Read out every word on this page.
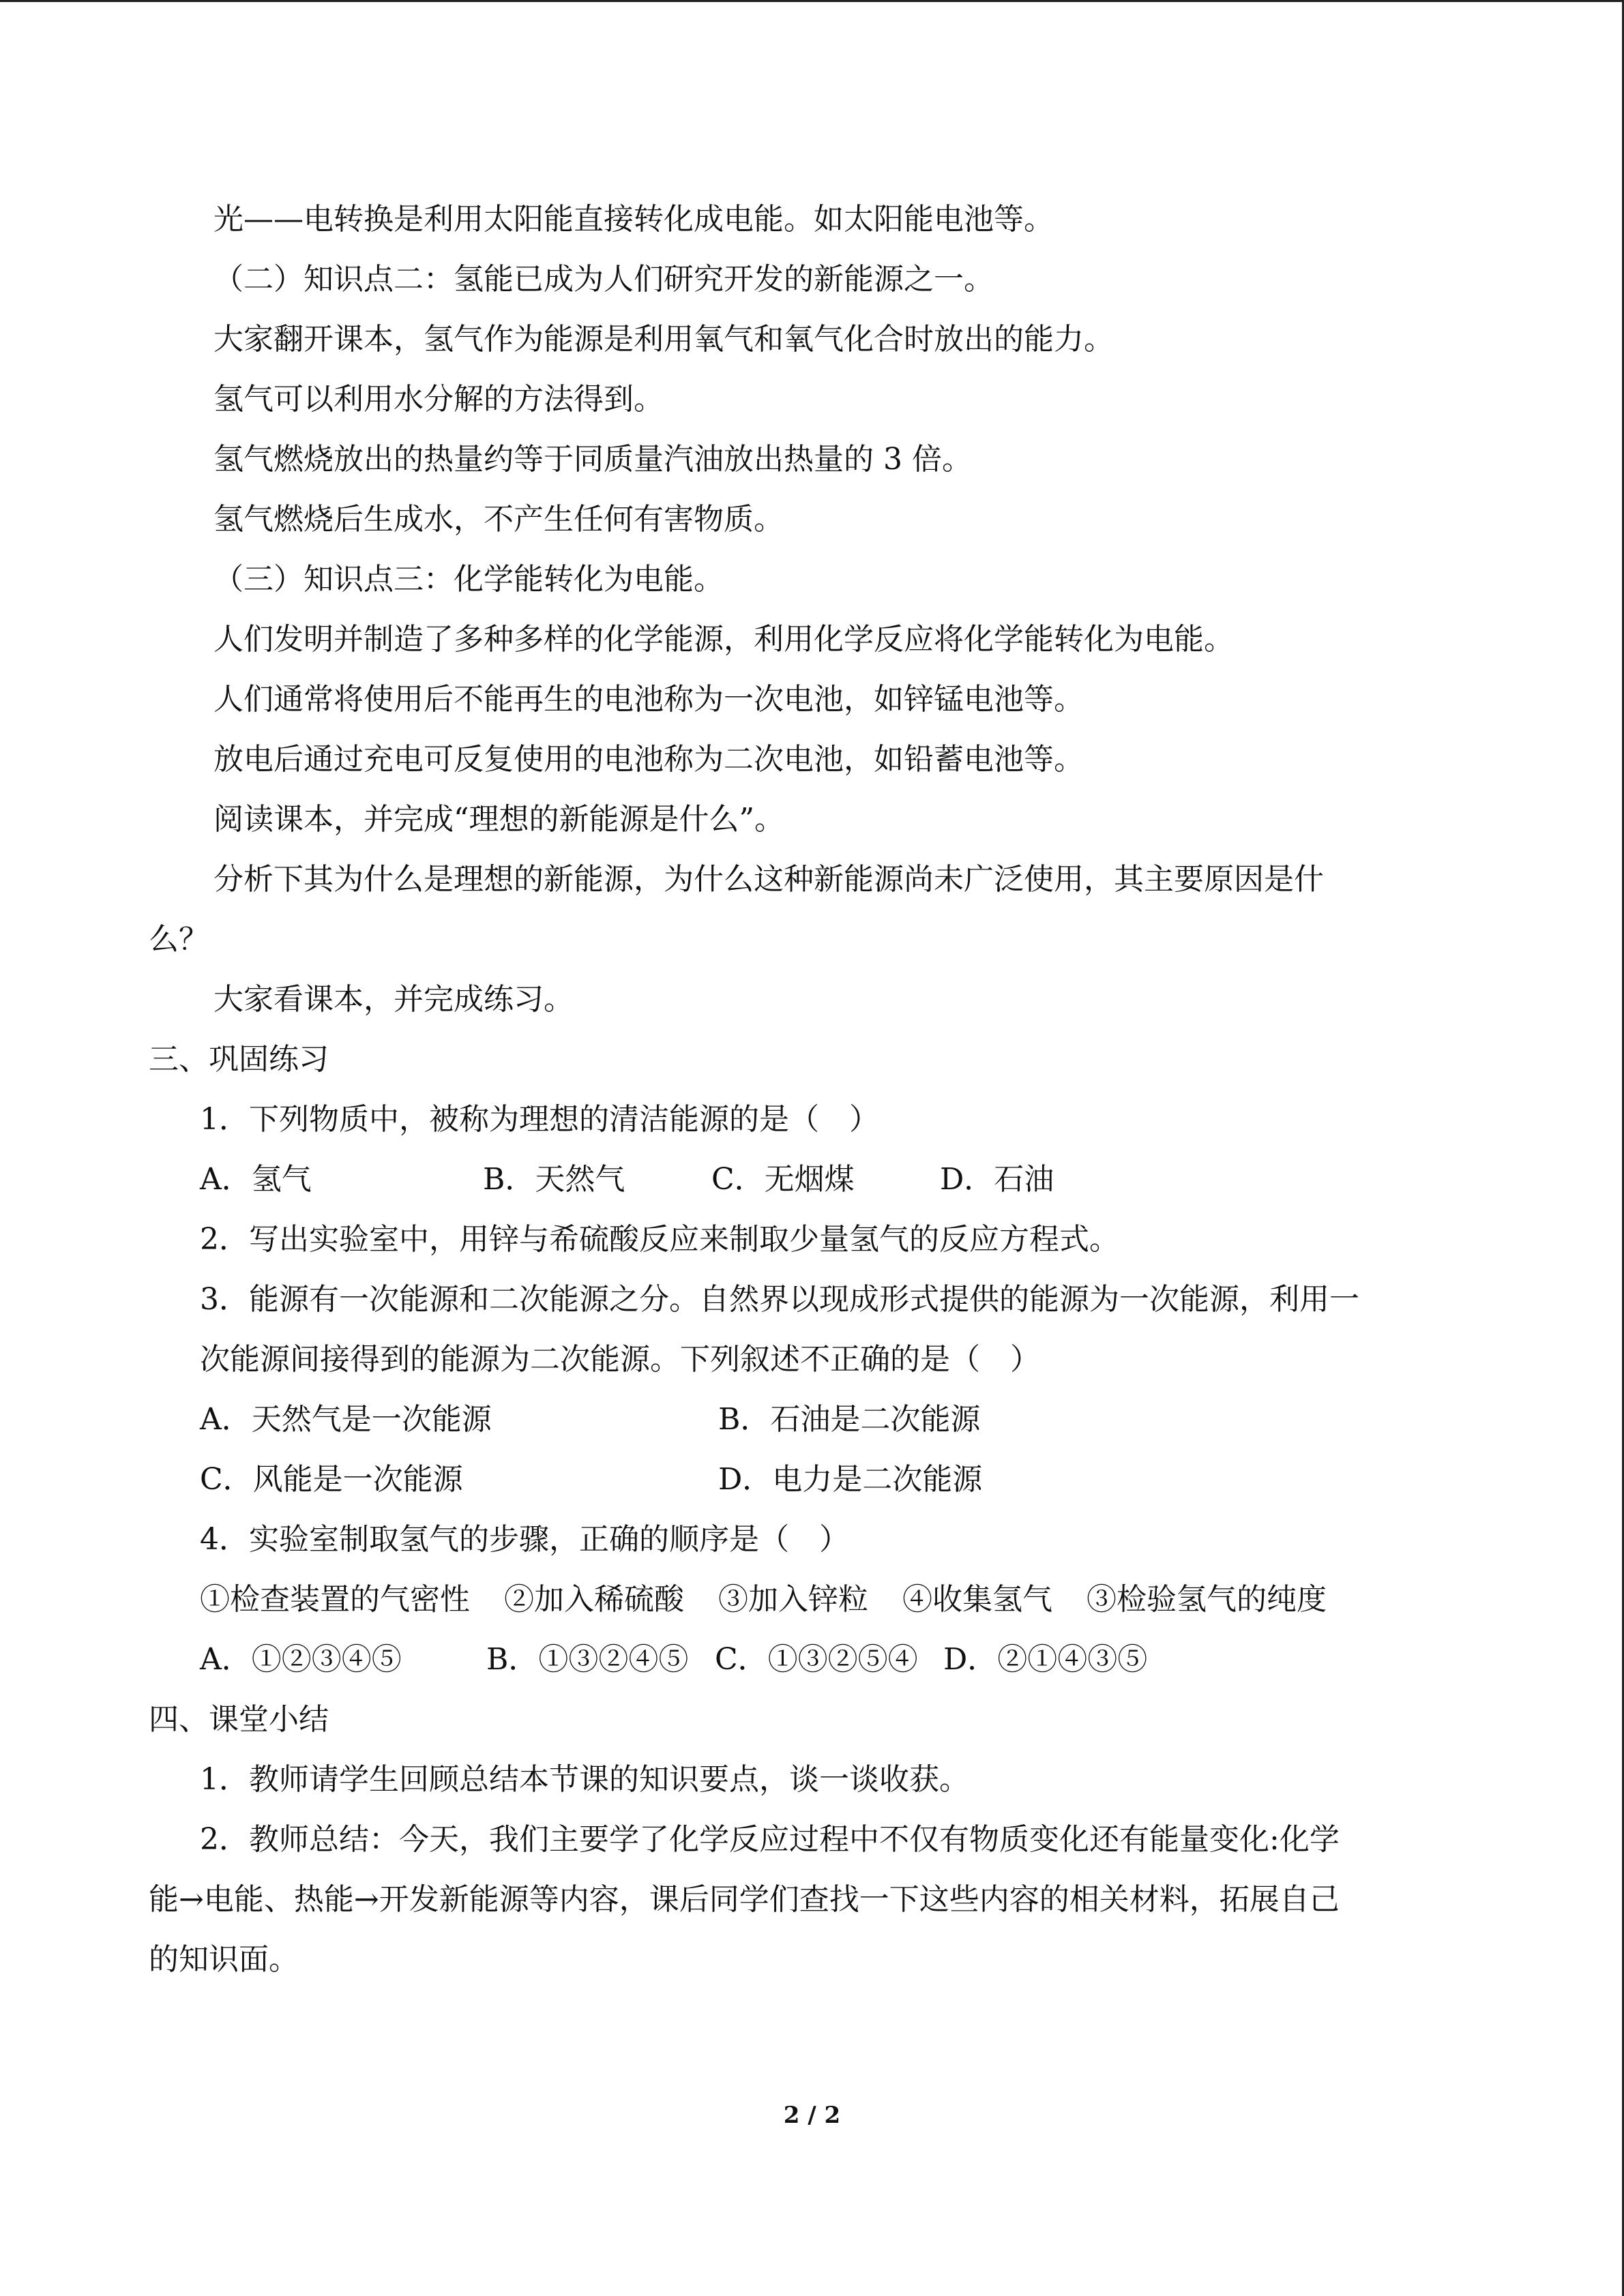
光——电转换是利用太阳能直接转化成电能。如太阳能电池等。
（二）知识点二：氢能已成为人们研究开发的新能源之一。
大家翻开课本，氢气作为能源是利用氧气和氧气化合时放出的能力。
氢气可以利用水分解的方法得到。
氢气燃烧放出的热量约等于同质量汽油放出热量的 3 倍。
氢气燃烧后生成水，不产生任何有害物质。
（三）知识点三：化学能转化为电能。
人们发明并制造了多种多样的化学能源，利用化学反应将化学能转化为电能。
人们通常将使用后不能再生的电池称为一次电池，如锌锰电池等。
放电后通过充电可反复使用的电池称为二次电池，如铅蓄电池等。
阅读课本，并完成“理想的新能源是什么”。
分析下其为什么是理想的新能源，为什么这种新能源尚未广泛使用，其主要原因是什
么？
大家看课本，并完成练习。
三、巩固练习
1．下列物质中，被称为理想的清洁能源的是（　）
A．氢气	B．天然气	C．无烟煤	D．石油
2．写出实验室中，用锌与希硫酸反应来制取少量氢气的反应方程式。
3．能源有一次能源和二次能源之分。自然界以现成形式提供的能源为一次能源，利用一
次能源间接得到的能源为二次能源。下列叙述不正确的是（　）
A．天然气是一次能源	B．石油是二次能源
C．风能是一次能源	D．电力是二次能源
4．实验室制取氢气的步骤，正确的顺序是（　）
①检查装置的气密性 ②加入稀硫酸 ③加入锌粒 ④收集氢气 ③检验氢气的纯度
A．①②③④⑤	B．①③②④⑤ C．①③②⑤④ D．②①④③⑤
四、课堂小结
1．教师请学生回顾总结本节课的知识要点，谈一谈收获。
2．教师总结：今天，我们主要学了化学反应过程中不仅有物质变化还有能量变化:化学
能→电能、热能→开发新能源等内容，课后同学们查找一下这些内容的相关材料，拓展自己
的知识面。
2 / 2
